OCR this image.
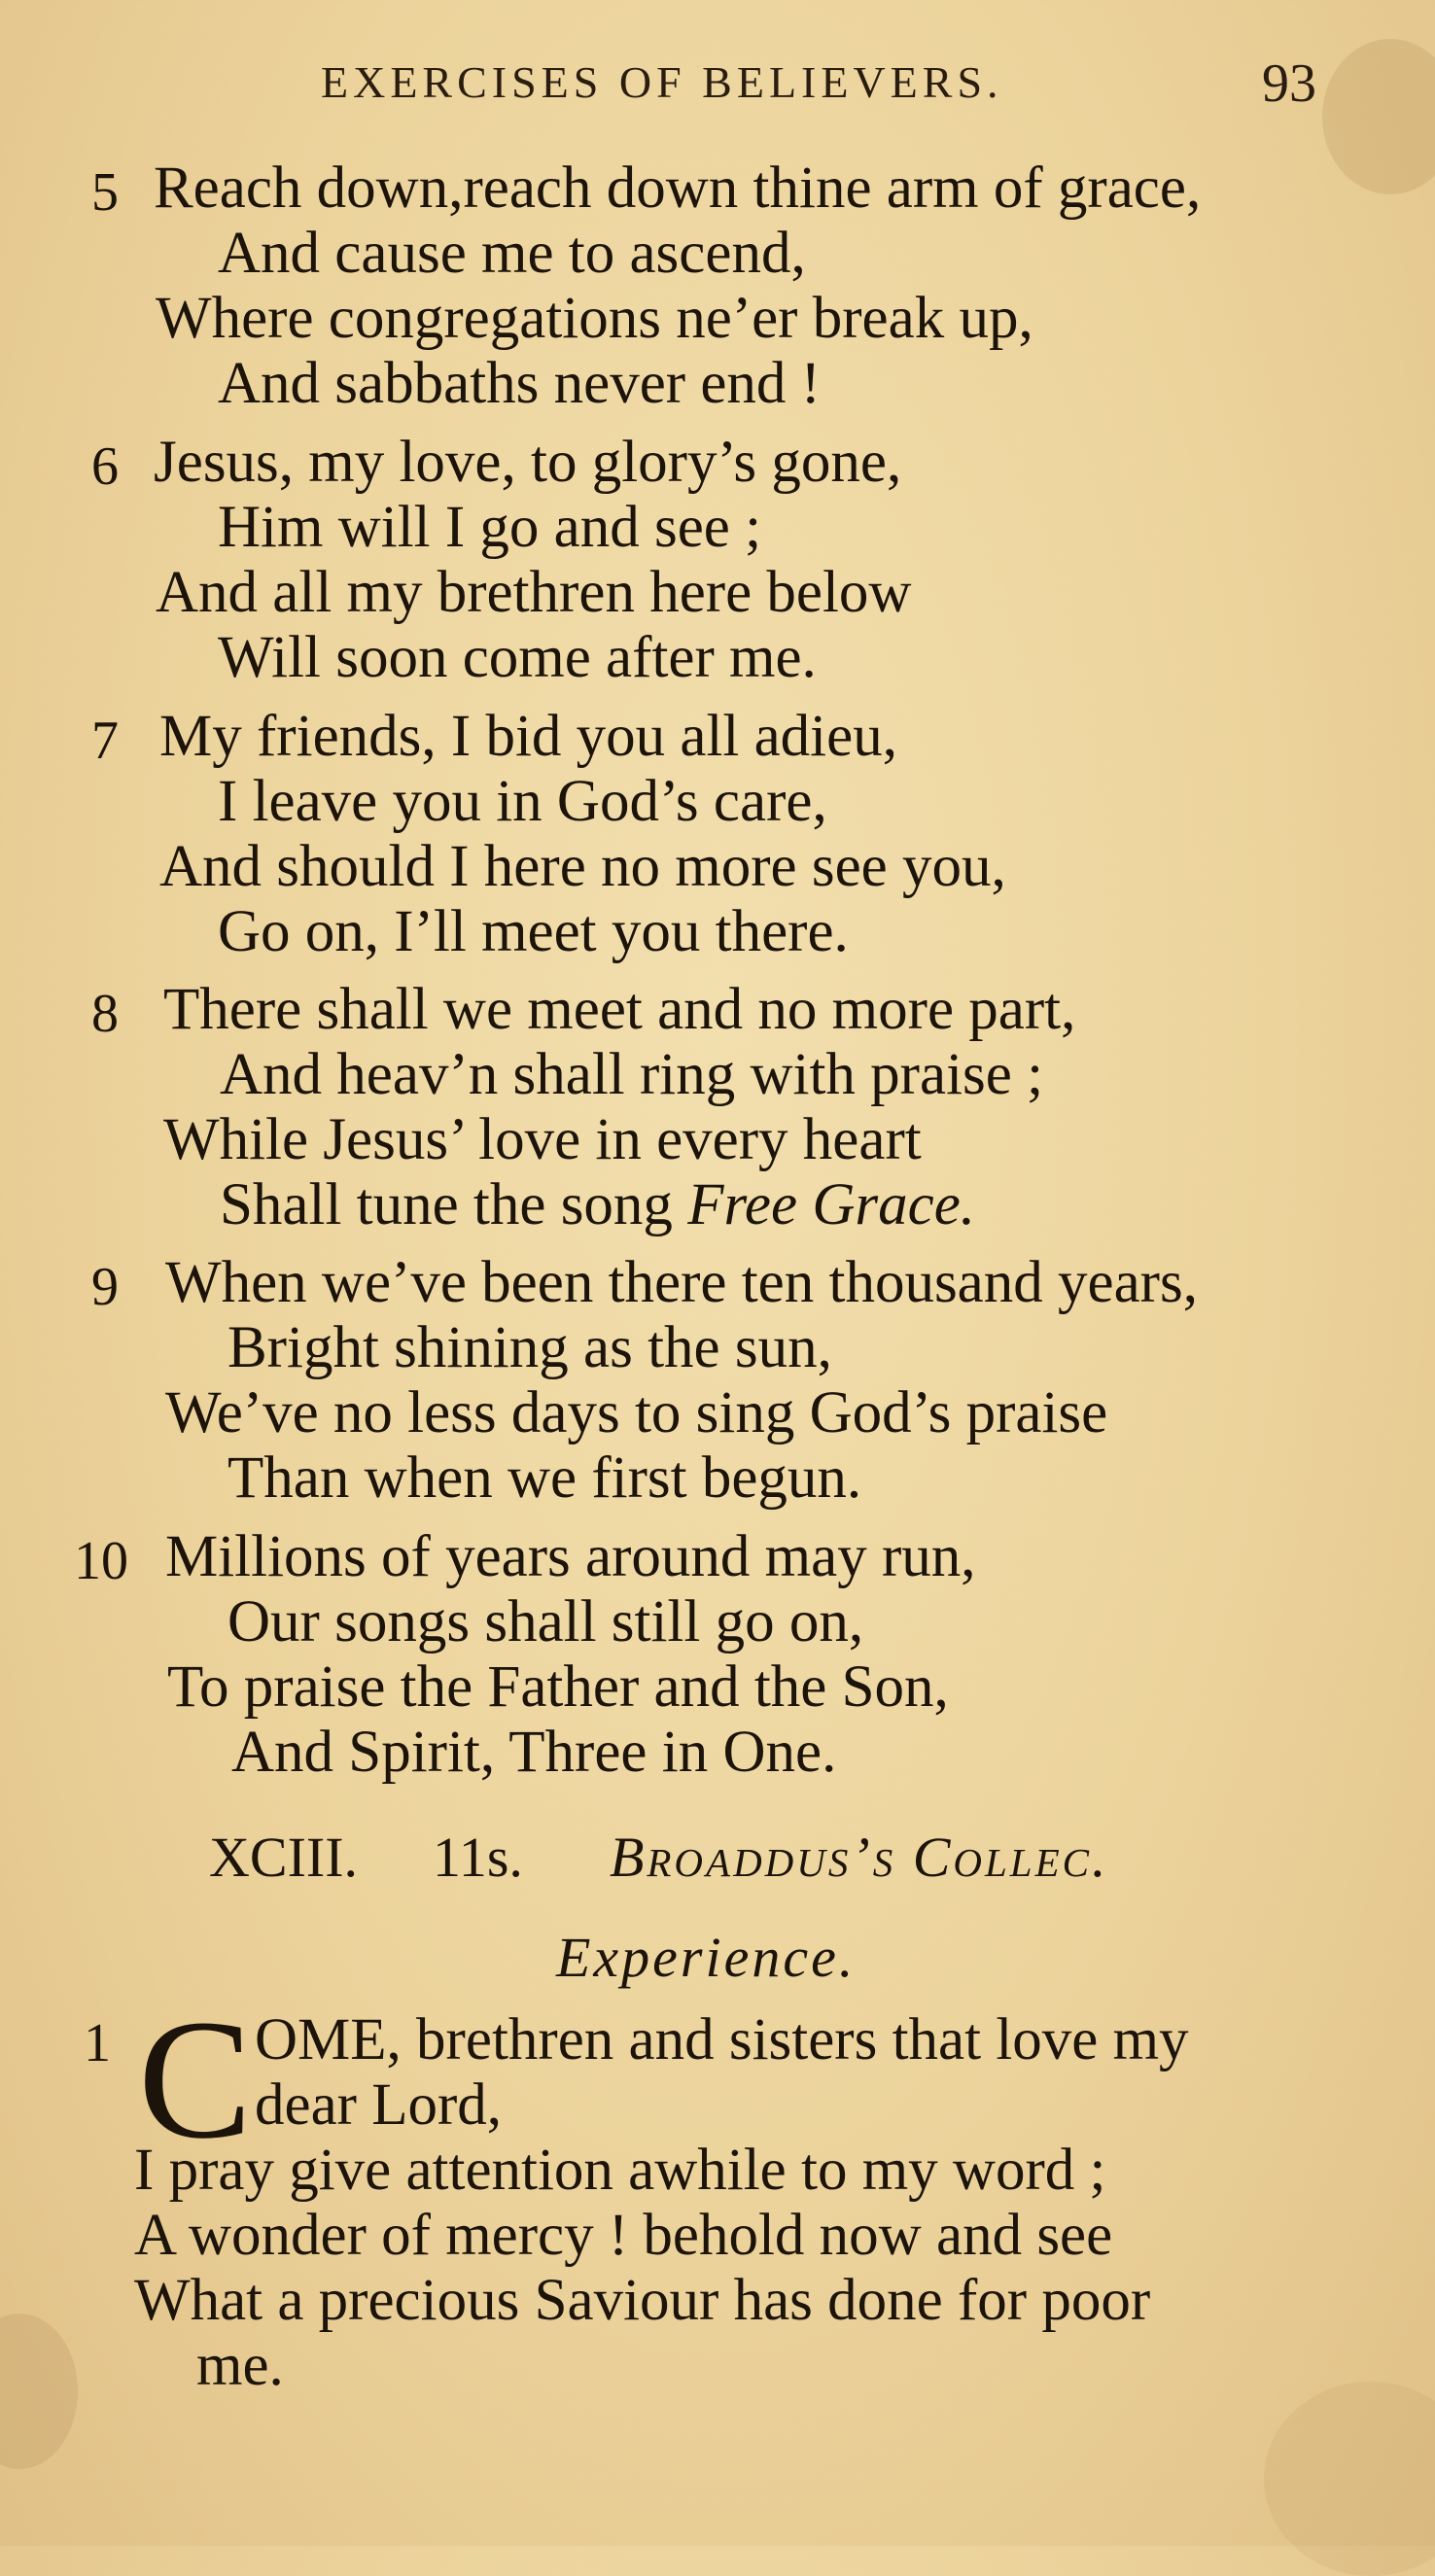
EXERCISES OF BELIEVERS.	93
5 Reach down,reach down thine arm of grace,
And cause me to ascend,
Where congregations ne’er break up,
And sabbaths never end !
6 Jesus, my love, to glory’s gone,
Him will I go and see ;
And all my brethren here below
Will soon come after me.
7 My friends, I bid you all adieu,
I leave you in God’s care,
And should I here no more see you,
Go on, I’ll meet you there.
8 There shall we meet and no more part,
And heav’n shall ring with praise ;
While Jesus’ love in every heart
Shall tune the song Free Grace.
9 When we’ve been there ten thousand years,
Bright shining as the sun,
We’ve no less days to sing God’s praise
Than when we first begun.
10 Millions of years around may run,
Our songs shall still go on,
To praise the Father and the Son,
And Spirit, Three in One.
XCIII. 11s. Broaddus’s Collec.
Experience.
1 C OME, brethren and sisters that love my
dear Lord,
I pray give attention awhile to my word ;
A wonder of mercy ! behold now and see
What a precious Saviour has done for poor
me.
